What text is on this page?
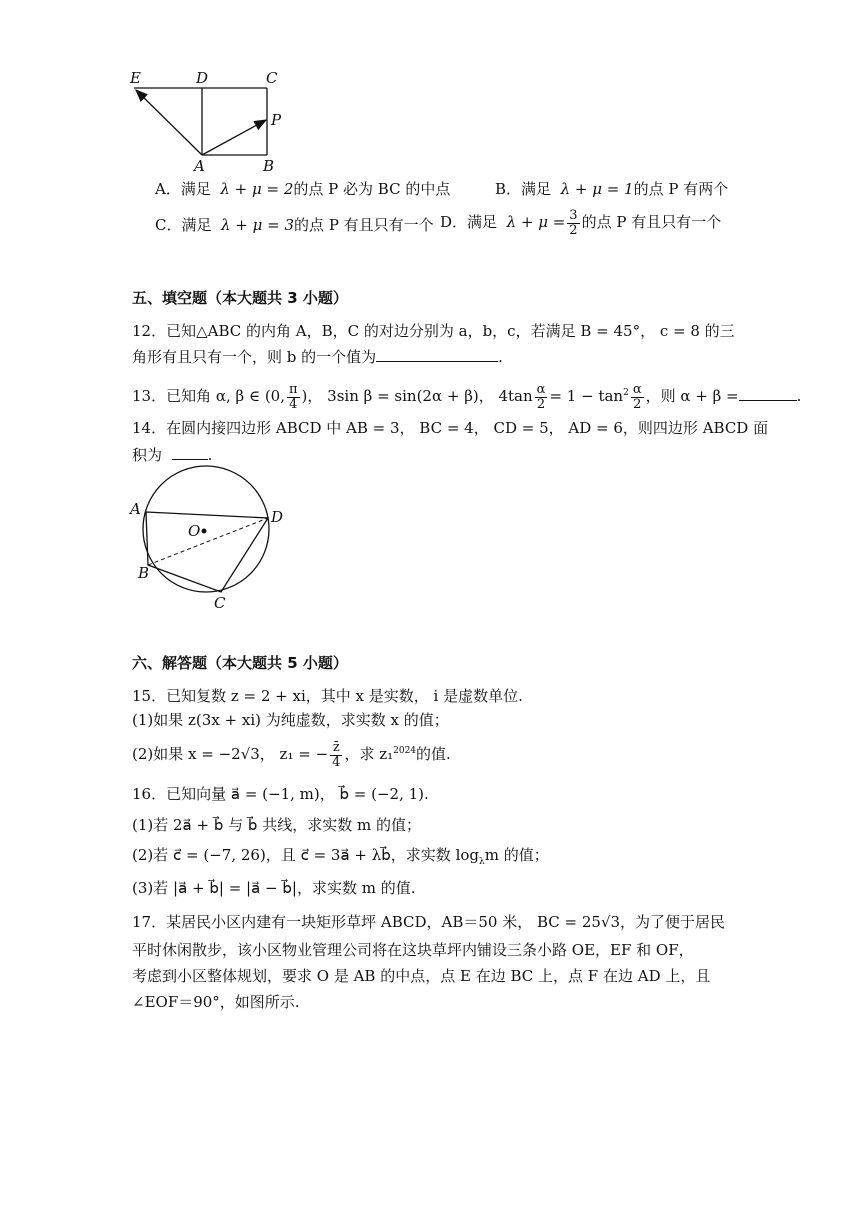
E	D	C
P
A	B
A．满足 λ + μ = 2的点 P 必为 BC 的中点	B．满足 λ + μ = 1的点 P 有两个
C．满足 λ + μ = 3的点 P 有且只有一个 D．满足 $\lambda + \mu = \frac{3}{2}$ 的点 P 有且只有一个
五、填空题（本大题共 3 小题）
12．已知△ABC 的内角 A，B，C 的对边分别为 a，b，c，若满足 B = 45°， c = 8 的三
角形有且只有一个，则 b 的一个值为	.
13．已知角 α, β ∈ (0, $\frac{\pi}{4}$ )， 3sin β = sin(2α + β)， $4\tan \frac{\alpha}{2} = 1 - \tan^2 \frac{\alpha}{2}$ ，则 α + β =	.
14．在圆内接四边形 ABCD 中 AB = 3， BC = 4， CD = 5， AD = 6，则四边形 ABCD 面
积为	.
A	D
O
B
C
六、解答题（本大题共 5 小题）
15．已知复数 z = 2 + xi，其中 x 是实数， i 是虚数单位.
(1)如果 z(3x + xi) 为纯虚数，求实数 x 的值；
(2)如果 x = −2√3， z₁ = − $\frac{z̄}{4}$ ，求 z₁$^{2024}$的值.
16．已知向量 a⃗ = (−1, m)， b⃗ = (−2, 1).
(1)若 2a⃗ + b⃗ 与 b⃗ 共线，求实数 m 的值；
(2)若 c⃗ = (−7, 26)，且 c⃗ = 3a⃗ + λb⃗，求实数 $\log_\lambda m$ 的值；
(3)若 |a⃗ + b⃗| = |a⃗ − b⃗|，求实数 m 的值.
17．某居民小区内建有一块矩形草坪 ABCD，AB＝50 米， BC = 25√3，为了便于居民
平时休闲散步，该小区物业管理公司将在这块草坪内铺设三条小路 OE，EF 和 OF，
考虑到小区整体规划，要求 O 是 AB 的中点，点 E 在边 BC 上，点 F 在边 AD 上，且
∠EOF＝90°，如图所示.
